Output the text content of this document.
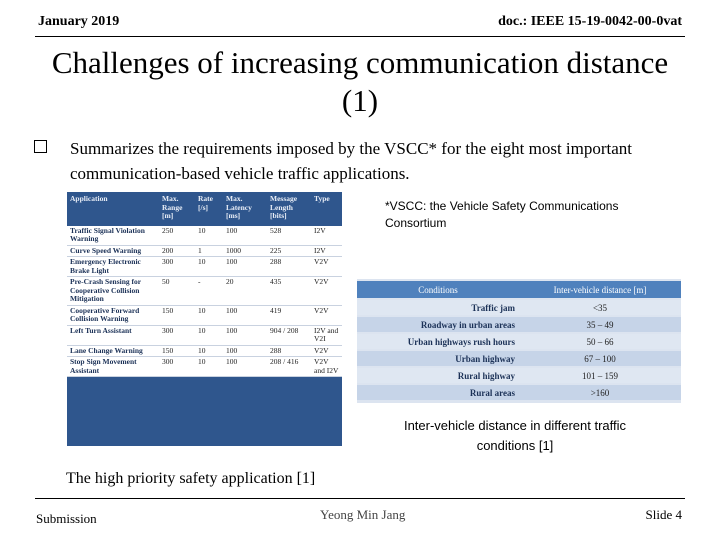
January 2019	doc.: IEEE 15-19-0042-00-0vat
Challenges of increasing communication distance (1)
Summarizes the requirements imposed by the VSCC* for the eight most important communication-based vehicle traffic applications.
*VSCC: the Vehicle Safety Communications Consortium
Application	Max. Range [m]	Rate [/s]	Max. Latency [ms]	Message Length [bits]	Type
Traffic Signal Violation Warning	250	10	100	528	I2V
Curve Speed Warning	200	1	1000	225	I2V
Emergency Electronic Brake Light	300	10	100	288	V2V
Pre-Crash Sensing for Cooperative Collision Mitigation	50	-	20	435	V2V
Cooperative Forward Collision Warning	150	10	100	419	V2V
Left Turn Assistant	300	10	100	904 / 208	I2V and V2I
Lane Change Warning	150	10	100	288	V2V
Stop Sign Movement Assistant	300	10	100	208 / 416	V2V and I2V
The high priority safety application [1]
Conditions	Inter-vehicle distance [m]
Traffic jam	<35
Roadway in urban areas	35 – 49
Urban highways rush hours	50 – 66
Urban highway	67 – 100
Rural highway	101 – 159
Rural areas	>160
Inter-vehicle distance in different traffic conditions [1]
Submission	Yeong Min Jang	Slide 4
